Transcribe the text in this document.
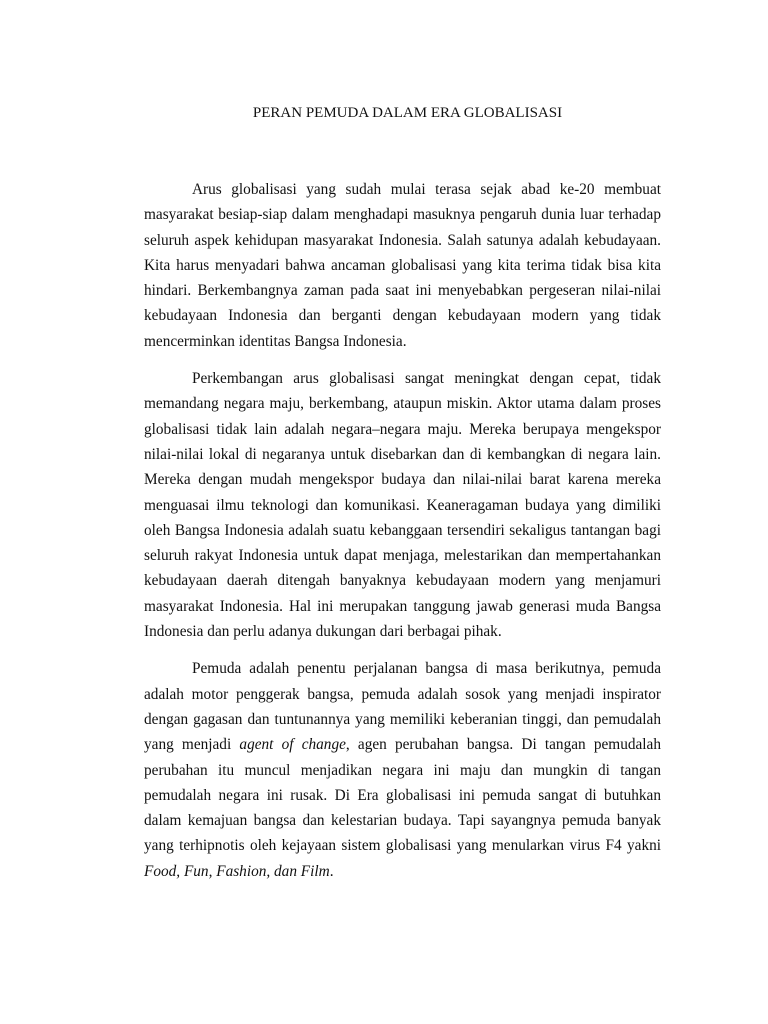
PERAN PEMUDA DALAM ERA GLOBALISASI

Arus globalisasi yang sudah mulai terasa sejak abad ke-20 membuat masyarakat besiap-siap dalam menghadapi masuknya pengaruh dunia luar terhadap seluruh aspek kehidupan masyarakat Indonesia. Salah satunya adalah kebudayaan. Kita harus menyadari bahwa ancaman globalisasi yang kita terima tidak bisa kita hindari. Berkembangnya zaman pada saat ini menyebabkan pergeseran nilai-nilai kebudayaan Indonesia dan berganti dengan kebudayaan modern yang tidak mencerminkan identitas Bangsa Indonesia.

Perkembangan arus globalisasi sangat meningkat dengan cepat, tidak memandang negara maju, berkembang, ataupun miskin. Aktor utama dalam proses globalisasi tidak lain adalah negara–negara maju. Mereka berupaya mengekspor nilai-nilai lokal di negaranya untuk disebarkan dan di kembangkan di negara lain. Mereka dengan mudah mengekspor budaya dan nilai-nilai barat karena mereka menguasai ilmu teknologi dan komunikasi. Keaneragaman budaya yang dimiliki oleh Bangsa Indonesia adalah suatu kebanggaan tersendiri sekaligus tantangan bagi seluruh rakyat Indonesia untuk dapat menjaga, melestarikan dan mempertahankan kebudayaan daerah ditengah banyaknya kebudayaan modern yang menjamuri masyarakat Indonesia. Hal ini merupakan tanggung jawab generasi muda Bangsa Indonesia dan perlu adanya dukungan dari berbagai pihak.

Pemuda adalah penentu perjalanan bangsa di masa berikutnya, pemuda adalah motor penggerak bangsa, pemuda adalah sosok yang menjadi inspirator dengan gagasan dan tuntunannya yang memiliki keberanian tinggi, dan pemudalah yang menjadi agent of change, agen perubahan bangsa. Di tangan pemudalah perubahan itu muncul menjadikan negara ini maju dan mungkin di tangan pemudalah negara ini rusak. Di Era globalisasi ini pemuda sangat di butuhkan dalam kemajuan bangsa dan kelestarian budaya. Tapi sayangnya pemuda banyak yang terhipnotis oleh kejayaan sistem globalisasi yang menularkan virus F4 yakni Food, Fun, Fashion, dan Film.
